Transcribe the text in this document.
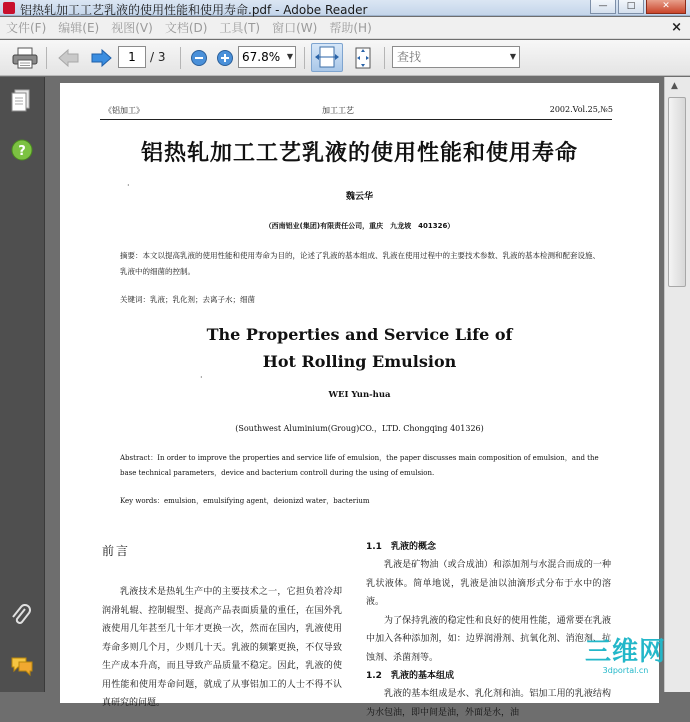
铝热轧加工工艺乳液的使用性能和使用寿命.pdf - Adobe Reader	—	□	✕
文件(F) 编辑(E) 视图(V) 文档(D) 工具(T) 窗口(W) 帮助(H)	×
1	/ 3	67.8% ▼	查找	▼
?
《铝加工》	加工工艺	2002.Vol.25,№5
铝热轧加工工艺乳液的使用性能和使用寿命
·
魏云华
（西南铝业(集团)有限责任公司，重庆　九龙坡　401326）
摘要：本文以提高乳液的使用性能和使用寿命为目的，论述了乳液的基本组成、乳液在使用过程中的主要技术参数、乳液的基本检测和配套设施、乳液中的细菌的控制。
关键词：乳液；乳化剂；去离子水；细菌
The Properties and Service Life of
Hot Rolling Emulsion
·
WEI Yun-hua
(Southwest Aluminium(Groug)CO.，LTD. Chongqing 401326)
Abstract：In order to improve the properties and service life of emulsion，the paper discusses main composition of emulsion，and the base technical parameters，device and bacterium controll during the using of emulsion.
Key words：emulsion，emulsifying agent，deionizd water，bacterium
前言
乳液技术是热轧生产中的主要技术之一，它担负着冷却润滑轧辊、控制辊型、提高产品表面质量的重任，在国外乳液使用几年甚至几十年才更换一次，然而在国内，乳液使用寿命多则几个月，少则几十天。乳液的频繁更换，不仅导致生产成本升高，而且导致产品质量不稳定。因此，乳液的使用性能和使用寿命问题，就成了从事铝加工的人士不得不认真研究的问题。
1.1　乳液的概念
乳液是矿物油（或合成油）和添加剂与水混合而成的一种乳状液体。简单地说，乳液是油以油滴形式分布于水中的溶液。
为了保持乳液的稳定性和良好的使用性能，通常要在乳液中加入各种添加剂，如：边界润滑剂、抗氧化剂、消泡剂、抗蚀剂、杀菌剂等。
1.2　乳液的基本组成
乳液的基本组成是水、乳化剂和油。铝加工用的乳液结构为水包油，即中间是油，外面是水，油
▲
三维网
3dportal.cn
